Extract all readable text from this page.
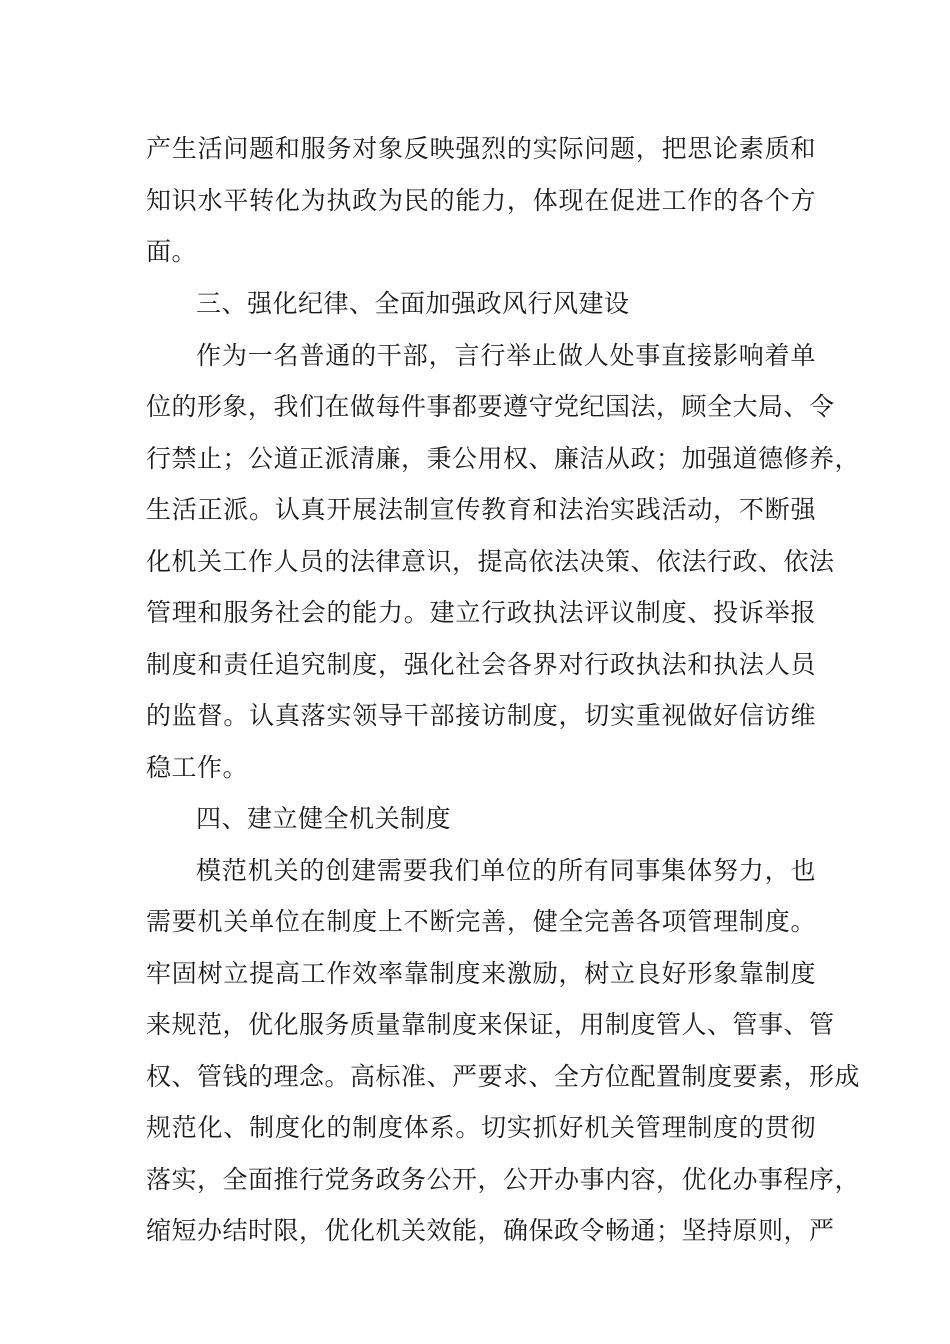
产生活问题和服务对象反映强烈的实际问题，把思论素质和
知识水平转化为执政为民的能力，体现在促进工作的各个方
面。
三、强化纪律、全面加强政风行风建设
作为一名普通的干部，言行举止做人处事直接影响着单
位的形象，我们在做每件事都要遵守党纪国法，顾全大局、令
行禁止；公道正派清廉，秉公用权、廉洁从政；加强道德修养，
生活正派。认真开展法制宣传教育和法治实践活动，不断强
化机关工作人员的法律意识，提高依法决策、依法行政、依法
管理和服务社会的能力。建立行政执法评议制度、投诉举报
制度和责任追究制度，强化社会各界对行政执法和执法人员
的监督。认真落实领导干部接访制度，切实重视做好信访维
稳工作。
四、建立健全机关制度
模范机关的创建需要我们单位的所有同事集体努力，也
需要机关单位在制度上不断完善，健全完善各项管理制度。
牢固树立提高工作效率靠制度来激励，树立良好形象靠制度
来规范，优化服务质量靠制度来保证，用制度管人、管事、管
权、管钱的理念。高标准、严要求、全方位配置制度要素，形成
规范化、制度化的制度体系。切实抓好机关管理制度的贯彻
落实，全面推行党务政务公开，公开办事内容，优化办事程序，
缩短办结时限，优化机关效能，确保政令畅通；坚持原则，严
